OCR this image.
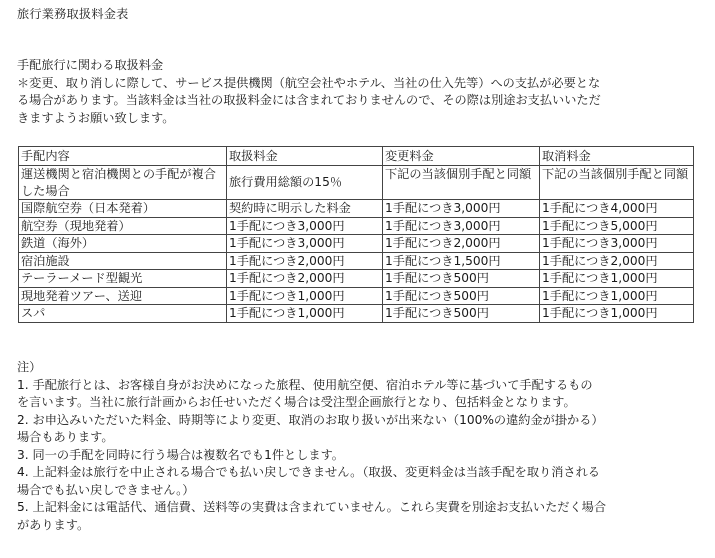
旅行業務取扱料金表

手配旅行に関わる取扱料金

＊変更、取り消しに際して、サービス提供機関（航空会社やホテル、当社の仕入先等）への支払が必要とな

る場合があります。当該料金は当社の取扱料金には含まれておりませんので、その際は別途お支払いいただ

きますようお願い致します。

手配内容	取扱料金	変更料金	取消料金
運送機関と宿泊機関との手配が複合した場合	旅行費用総額の15％	下記の当該個別手配と同額	下記の当該個別手配と同額
国際航空券（日本発着）	契約時に明示した料金	1手配につき3,000円	1手配につき4,000円
航空券（現地発着）	1手配につき3,000円	1手配につき3,000円	1手配につき5,000円
鉄道（海外）	1手配につき3,000円	1手配につき2,000円	1手配につき3,000円
宿泊施設	1手配につき2,000円	1手配につき1,500円	1手配につき2,000円
テーラーメード型観光	1手配につき2,000円	1手配につき500円	1手配につき1,000円
現地発着ツアー、送迎	1手配につき1,000円	1手配につき500円	1手配につき1,000円
スパ	1手配につき1,000円	1手配につき500円	1手配につき1,000円

注）

1. 手配旅行とは、お客様自身がお決めになった旅程、使用航空便、宿泊ホテル等に基づいて手配するもの

を言います。当社に旅行計画からお任せいただく場合は受注型企画旅行となり、包括料金となります。

2. お申込みいただいた料金、時期等により変更、取消のお取り扱いが出来ない（100%の違約金が掛かる）

場合もあります。

3. 同一の手配を同時に行う場合は複数名でも1件とします。

4. 上記料金は旅行を中止される場合でも払い戻しできません。（取扱、変更料金は当該手配を取り消される

場合でも払い戻しできません。）

5. 上記料金には電話代、通信費、送料等の実費は含まれていません。これら実費を別途お支払いただく場合

があります。
